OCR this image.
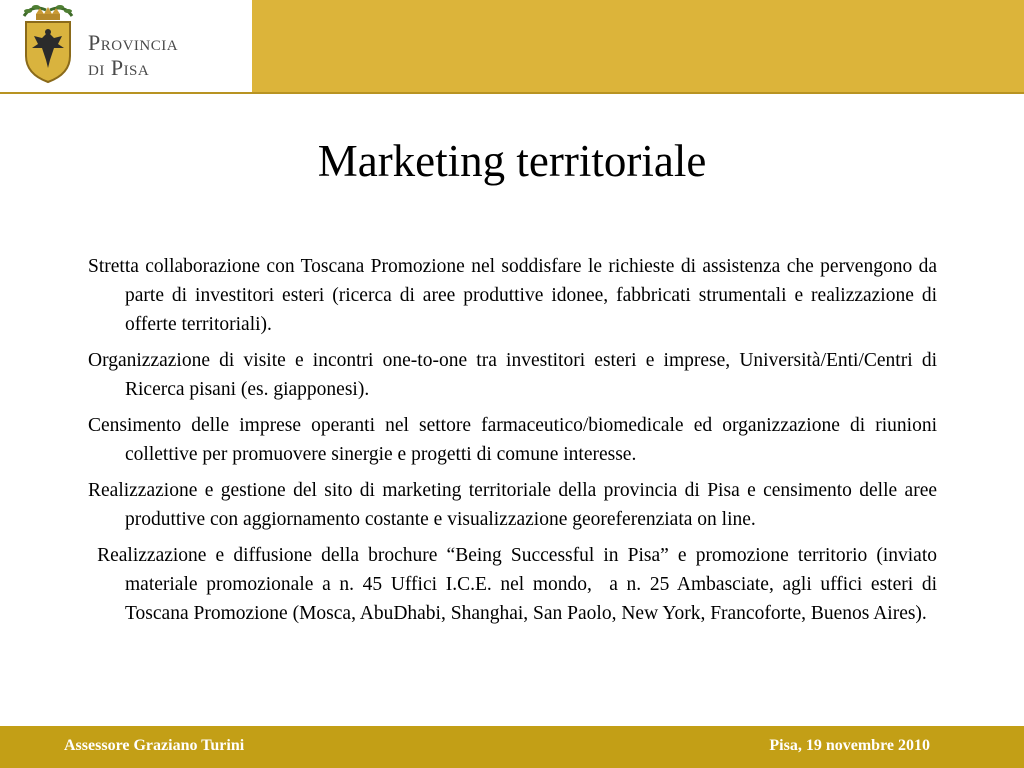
Provincia
di Pisa
Marketing territoriale

Stretta collaborazione con Toscana Promozione nel soddisfare le richieste di assistenza che pervengono da parte di investitori esteri (ricerca di aree produttive idonee, fabbricati strumentali e realizzazione di offerte territoriali).

Organizzazione di visite e incontri one-to-one tra investitori esteri e imprese, Università/Enti/Centri di Ricerca pisani (es. giapponesi).

Censimento delle imprese operanti nel settore farmaceutico/biomedicale ed organizzazione di riunioni collettive per promuovere sinergie e progetti di comune interesse.

Realizzazione e gestione del sito di marketing territoriale della provincia di Pisa e censimento delle aree produttive con aggiornamento costante e visualizzazione georeferenziata on line.

Realizzazione e diffusione della brochure “Being Successful in Pisa” e promozione territorio (inviato materiale promozionale a n. 45 Uffici I.C.E. nel mondo,  a n. 25 Ambasciate, agli uffici esteri di Toscana Promozione (Mosca, AbuDhabi, Shanghai, San Paolo, New York, Francoforte, Buenos Aires).

Assessore Graziano Turini	Pisa, 19 novembre 2010
